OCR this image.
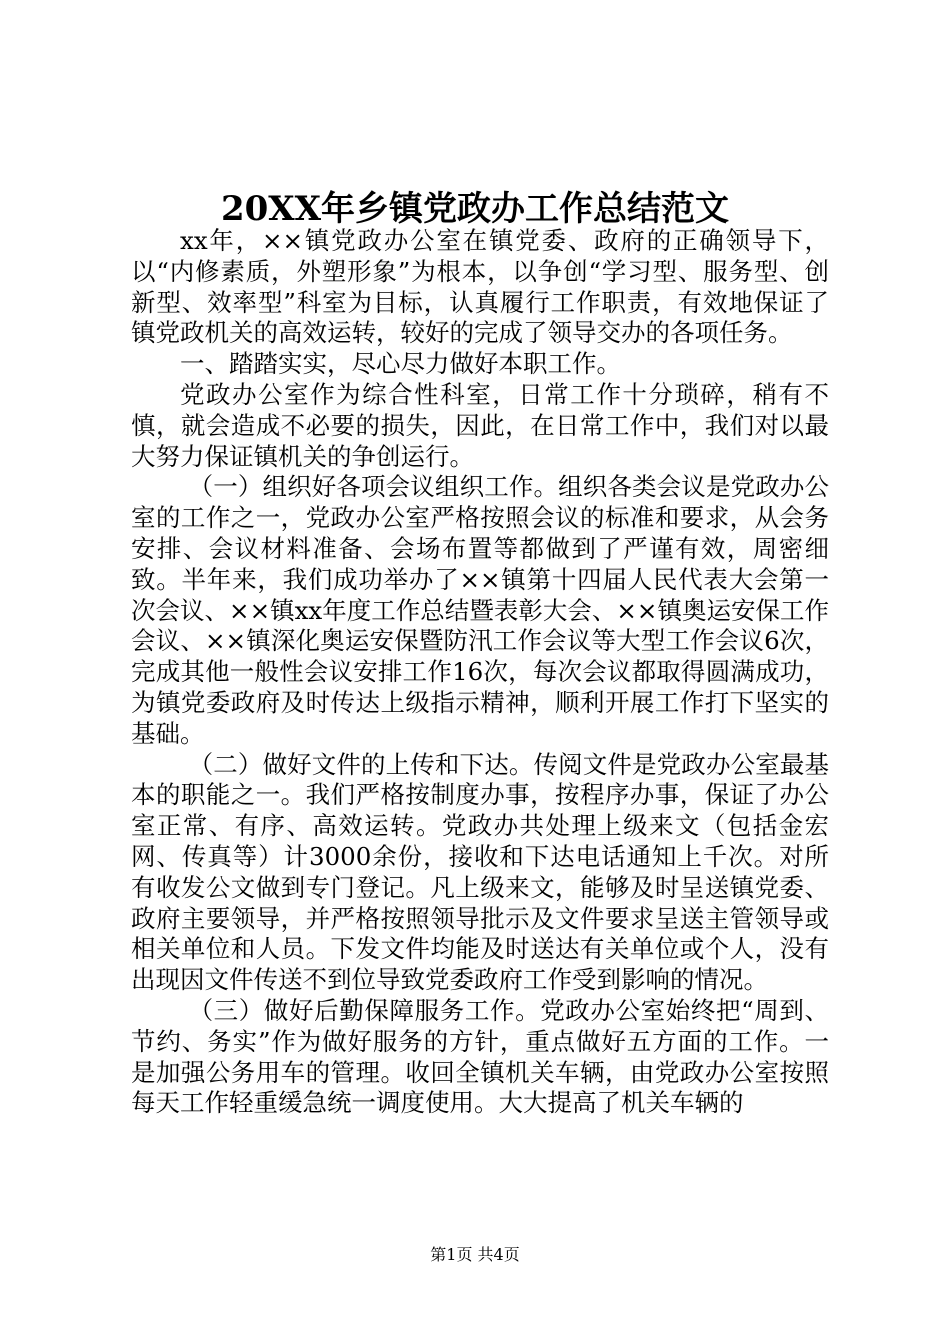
20XX年乡镇党政办工作总结范文

xx年，××镇党政办公室在镇党委、政府的正确领导下，以“内修素质，外塑形象”为根本，以争创“学习型、服务型、创新型、效率型”科室为目标，认真履行工作职责，有效地保证了镇党政机关的高效运转，较好的完成了领导交办的各项任务。

一、踏踏实实，尽心尽力做好本职工作。

党政办公室作为综合性科室，日常工作十分琐碎，稍有不慎，就会造成不必要的损失，因此，在日常工作中，我们对以最大努力保证镇机关的争创运行。

（一）组织好各项会议组织工作。组织各类会议是党政办公室的工作之一，党政办公室严格按照会议的标准和要求，从会务安排、会议材料准备、会场布置等都做到了严谨有效，周密细致。半年来，我们成功举办了××镇第十四届人民代表大会第一次会议、××镇xx年度工作总结暨表彰大会、××镇奥运安保工作会议、××镇深化奥运安保暨防汛工作会议等大型工作会议6次，完成其他一般性会议安排工作16次，每次会议都取得圆满成功，为镇党委政府及时传达上级指示精神，顺利开展工作打下坚实的基础。

（二）做好文件的上传和下达。传阅文件是党政办公室最基本的职能之一。我们严格按制度办事，按程序办事，保证了办公室正常、有序、高效运转。党政办共处理上级来文（包括金宏网、传真等）计3000余份，接收和下达电话通知上千次。对所有收发公文做到专门登记。凡上级来文，能够及时呈送镇党委、政府主要领导，并严格按照领导批示及文件要求呈送主管领导或相关单位和人员。下发文件均能及时送达有关单位或个人，没有出现因文件传送不到位导致党委政府工作受到影响的情况。

（三）做好后勤保障服务工作。党政办公室始终把“周到、节约、务实”作为做好服务的方针，重点做好五方面的工作。一是加强公务用车的管理。收回全镇机关车辆，由党政办公室按照每天工作轻重缓急统一调度使用。大大提高了机关车辆的

第1页 共4页
